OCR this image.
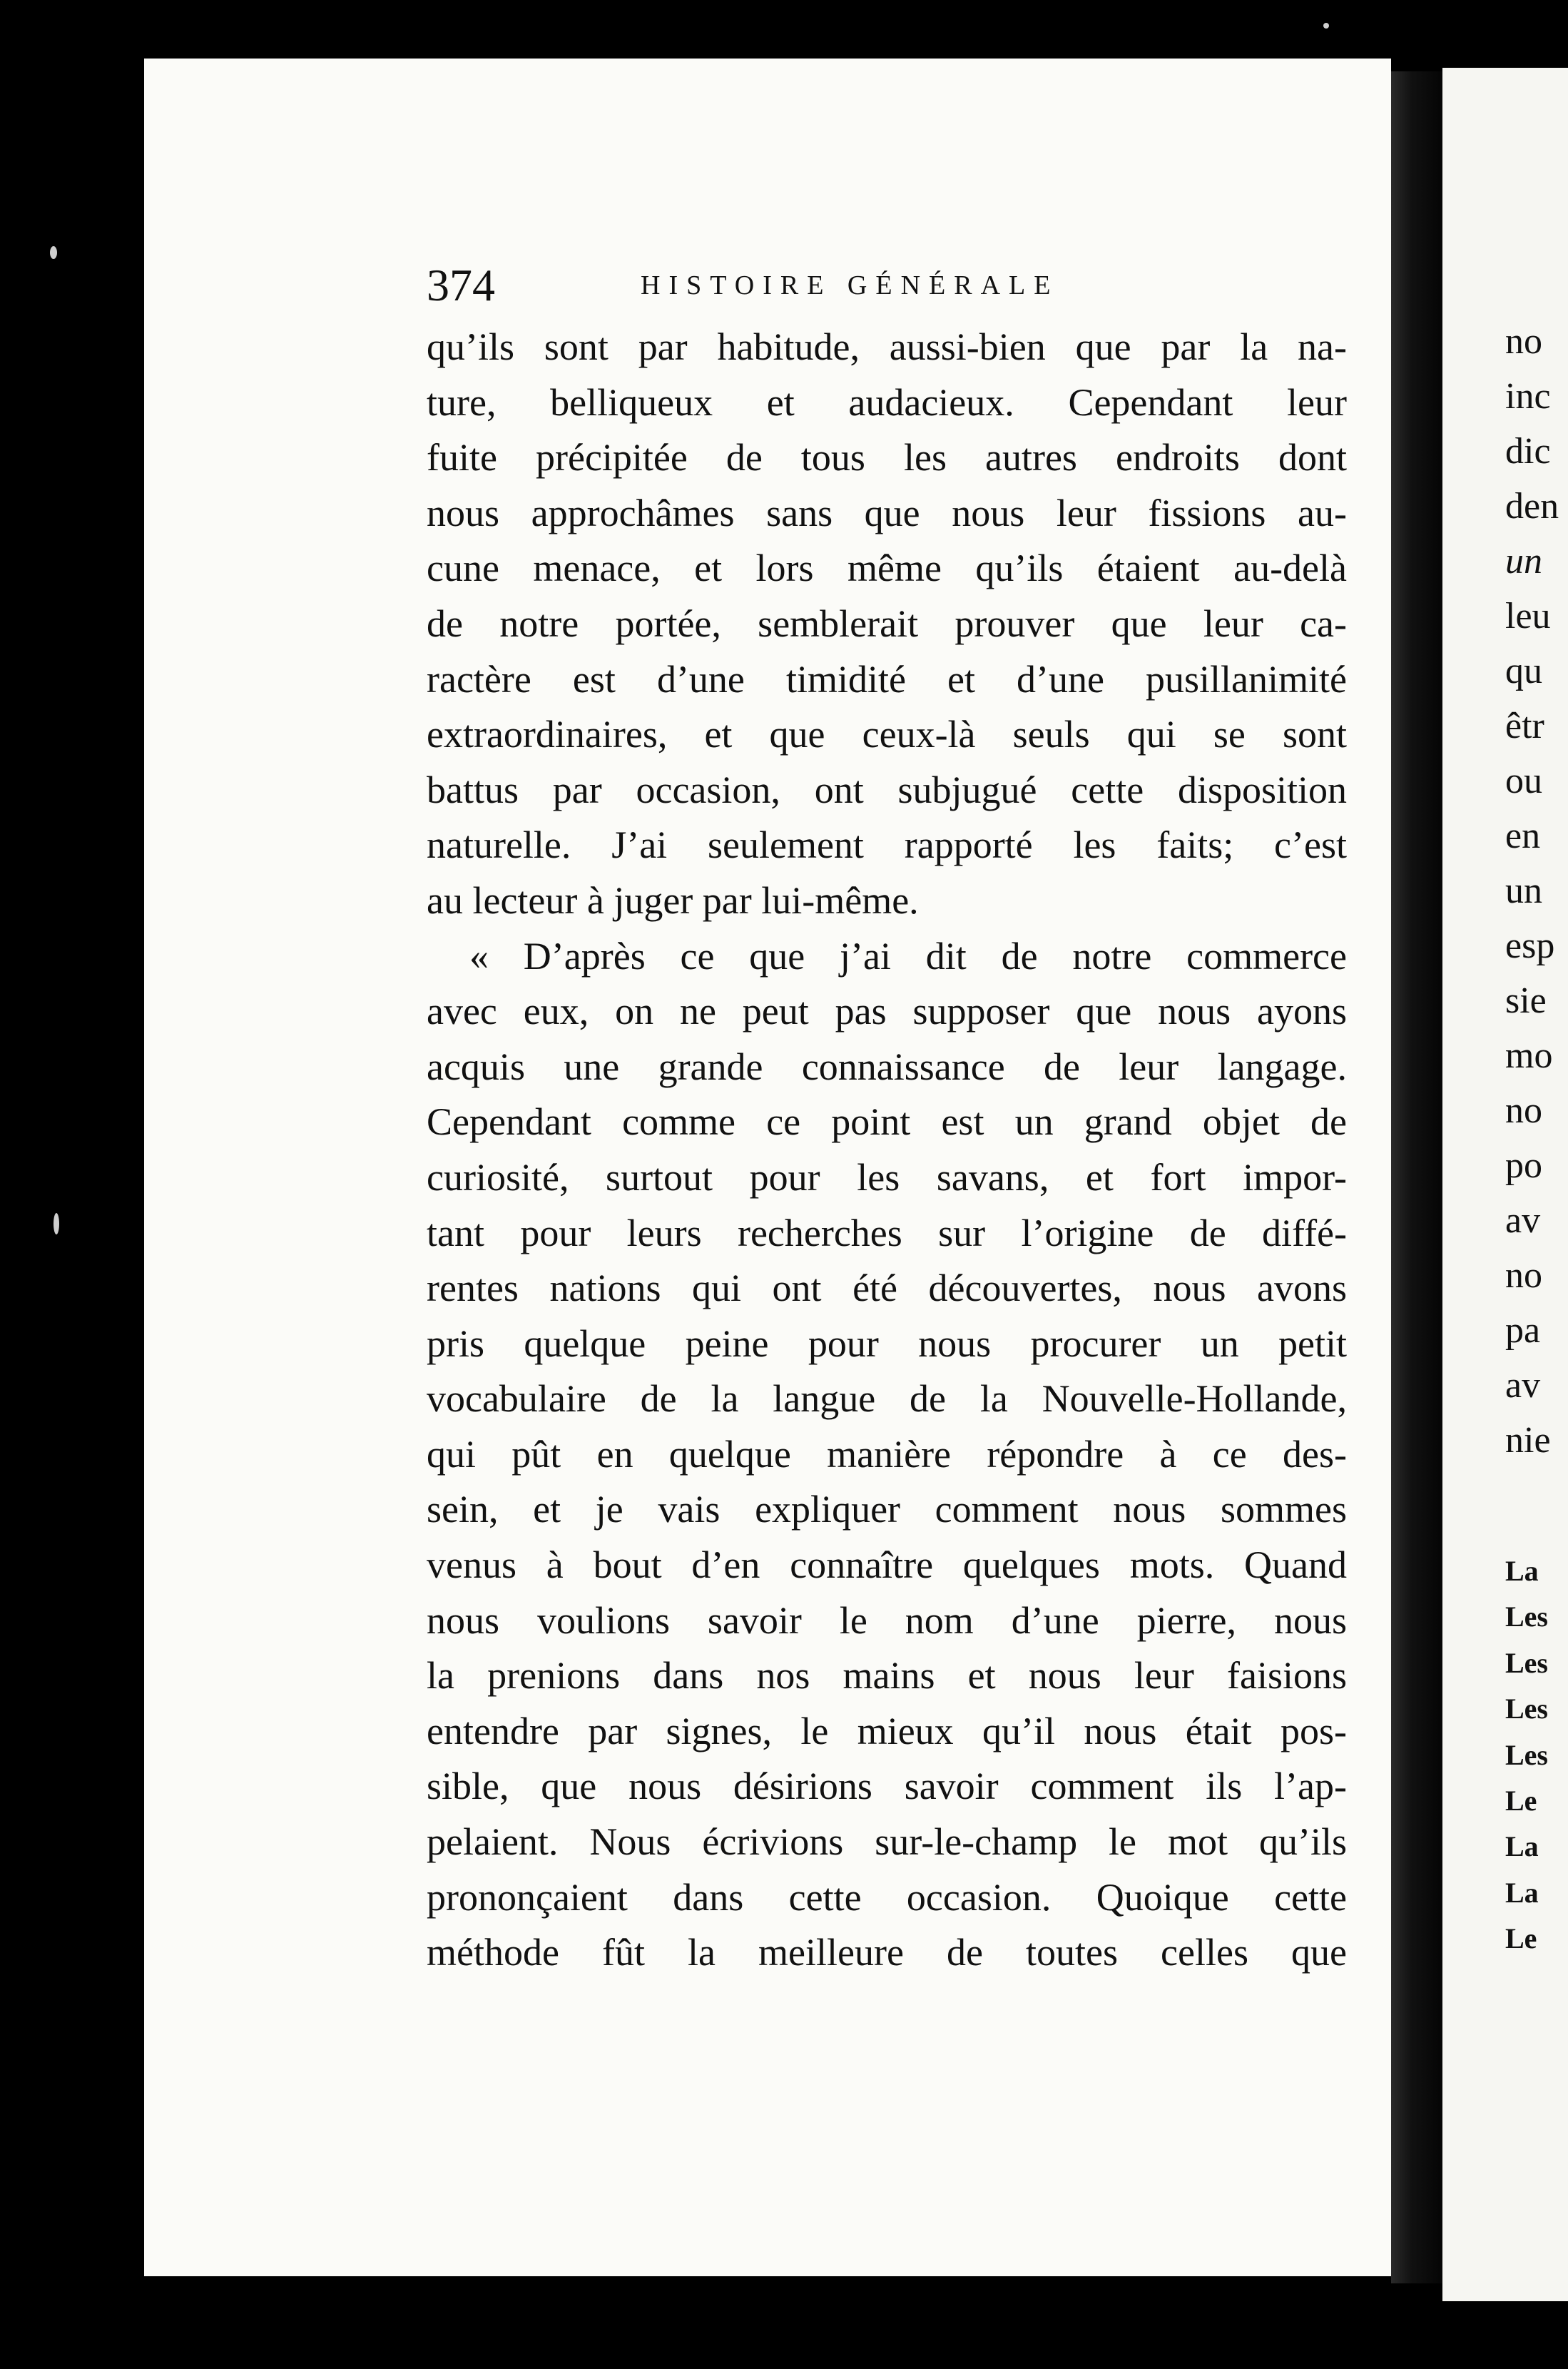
374	HISTOIRE GÉNÉRALE
qu’ils sont par habitude, aussi-bien que par la na-
ture, belliqueux et audacieux. Cependant leur
fuite précipitée de tous les autres endroits dont
nous approchâmes sans que nous leur fissions au-
cune menace, et lors même qu’ils étaient au-delà
de notre portée, semblerait prouver que leur ca-
ractère est d’une timidité et d’une pusillanimité
extraordinaires, et que ceux-là seuls qui se sont
battus par occasion, ont subjugué cette disposition
naturelle. J’ai seulement rapporté les faits; c’est
au lecteur à juger par lui-même.
« D’après ce que j’ai dit de notre commerce
avec eux, on ne peut pas supposer que nous ayons
acquis une grande connaissance de leur langage.
Cependant comme ce point est un grand objet de
curiosité, surtout pour les savans, et fort impor-
tant pour leurs recherches sur l’origine de diffé-
rentes nations qui ont été découvertes, nous avons
pris quelque peine pour nous procurer un petit
vocabulaire de la langue de la Nouvelle-Hollande,
qui pût en quelque manière répondre à ce des-
sein, et je vais expliquer comment nous sommes
venus à bout d’en connaître quelques mots. Quand
nous voulions savoir le nom d’une pierre, nous
la prenions dans nos mains et nous leur faisions
entendre par signes, le mieux qu’il nous était pos-
sible, que nous désirions savoir comment ils l’ap-
pelaient. Nous écrivions sur-le-champ le mot qu’ils
prononçaient dans cette occasion. Quoique cette
méthode fût la meilleure de toutes celles que
no
inc
dic
den
un
leu
qu
êtr
ou
en
un
esp
sie
mo
no
po
av
no
pa
av
nie
La
Les
Les
Les
Les
Le
La
La
Le
